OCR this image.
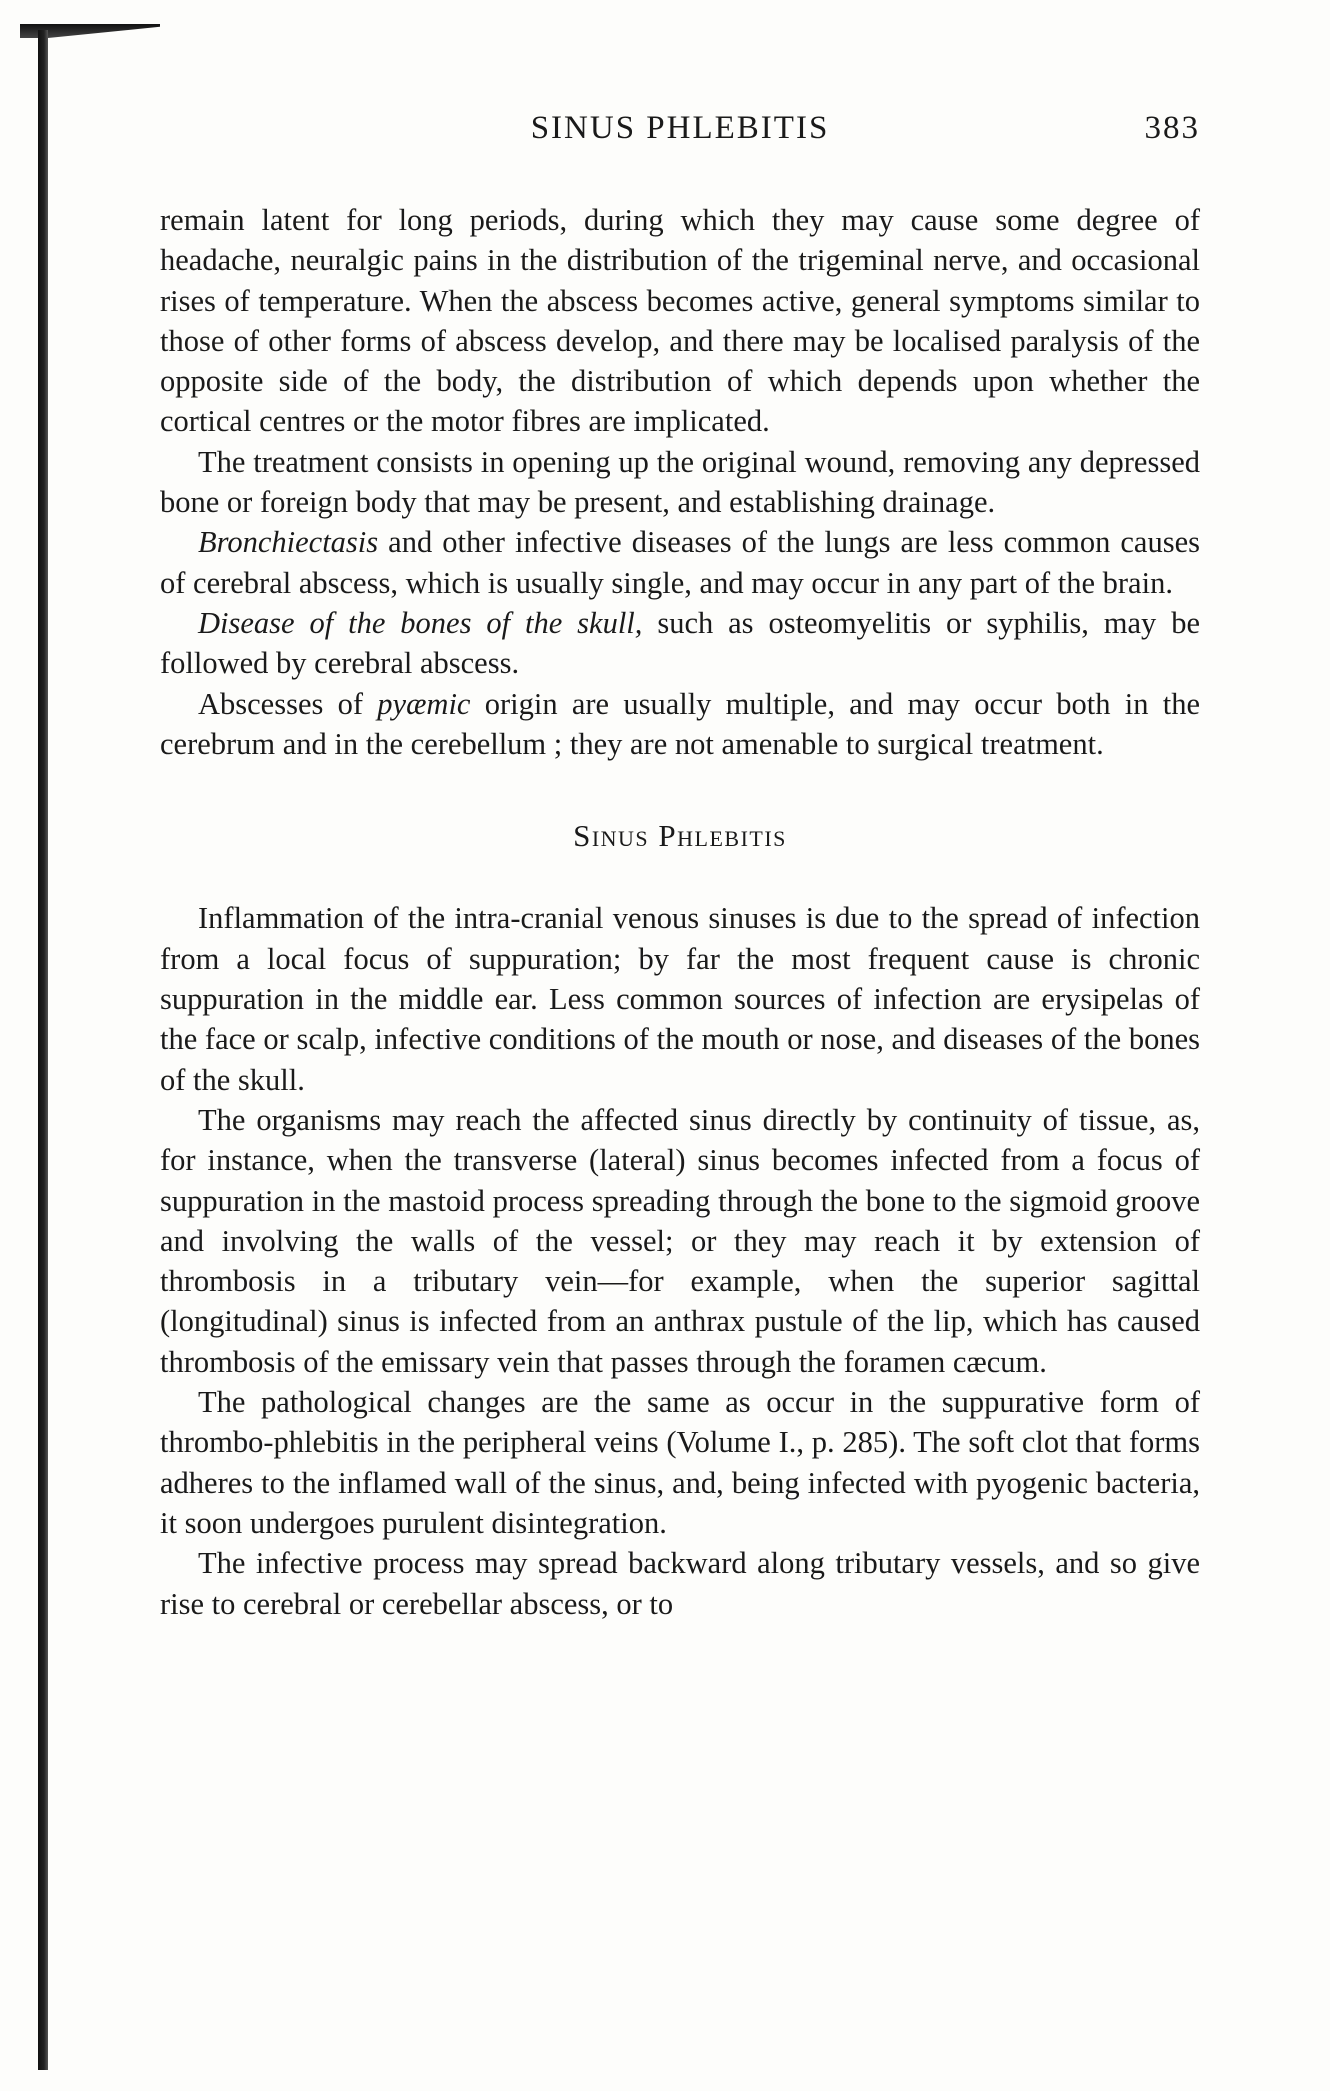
SINUS PHLEBITIS	383

remain latent for long periods, during which they may cause some degree of headache, neuralgic pains in the distribution of the trigeminal nerve, and occasional rises of temperature. When the abscess becomes active, general symptoms similar to those of other forms of abscess develop, and there may be localised paralysis of the opposite side of the body, the distribution of which depends upon whether the cortical centres or the motor fibres are implicated.

The treatment consists in opening up the original wound, removing any depressed bone or foreign body that may be present, and establishing drainage.

Bronchiectasis and other infective diseases of the lungs are less common causes of cerebral abscess, which is usually single, and may occur in any part of the brain.

Disease of the bones of the skull, such as osteomyelitis or syphilis, may be followed by cerebral abscess.

Abscesses of pyæmic origin are usually multiple, and may occur both in the cerebrum and in the cerebellum ; they are not amenable to surgical treatment.

Sinus Phlebitis

Inflammation of the intra-cranial venous sinuses is due to the spread of infection from a local focus of suppuration; by far the most frequent cause is chronic suppuration in the middle ear. Less common sources of infection are erysipelas of the face or scalp, infective conditions of the mouth or nose, and diseases of the bones of the skull.

The organisms may reach the affected sinus directly by continuity of tissue, as, for instance, when the transverse (lateral) sinus becomes infected from a focus of suppuration in the mastoid process spreading through the bone to the sigmoid groove and involving the walls of the vessel; or they may reach it by extension of thrombosis in a tributary vein—for example, when the superior sagittal (longitudinal) sinus is infected from an anthrax pustule of the lip, which has caused thrombosis of the emissary vein that passes through the foramen cæcum.

The pathological changes are the same as occur in the suppurative form of thrombo-phlebitis in the peripheral veins (Volume I., p. 285). The soft clot that forms adheres to the inflamed wall of the sinus, and, being infected with pyogenic bacteria, it soon undergoes purulent disintegration.

The infective process may spread backward along tributary vessels, and so give rise to cerebral or cerebellar abscess, or to
